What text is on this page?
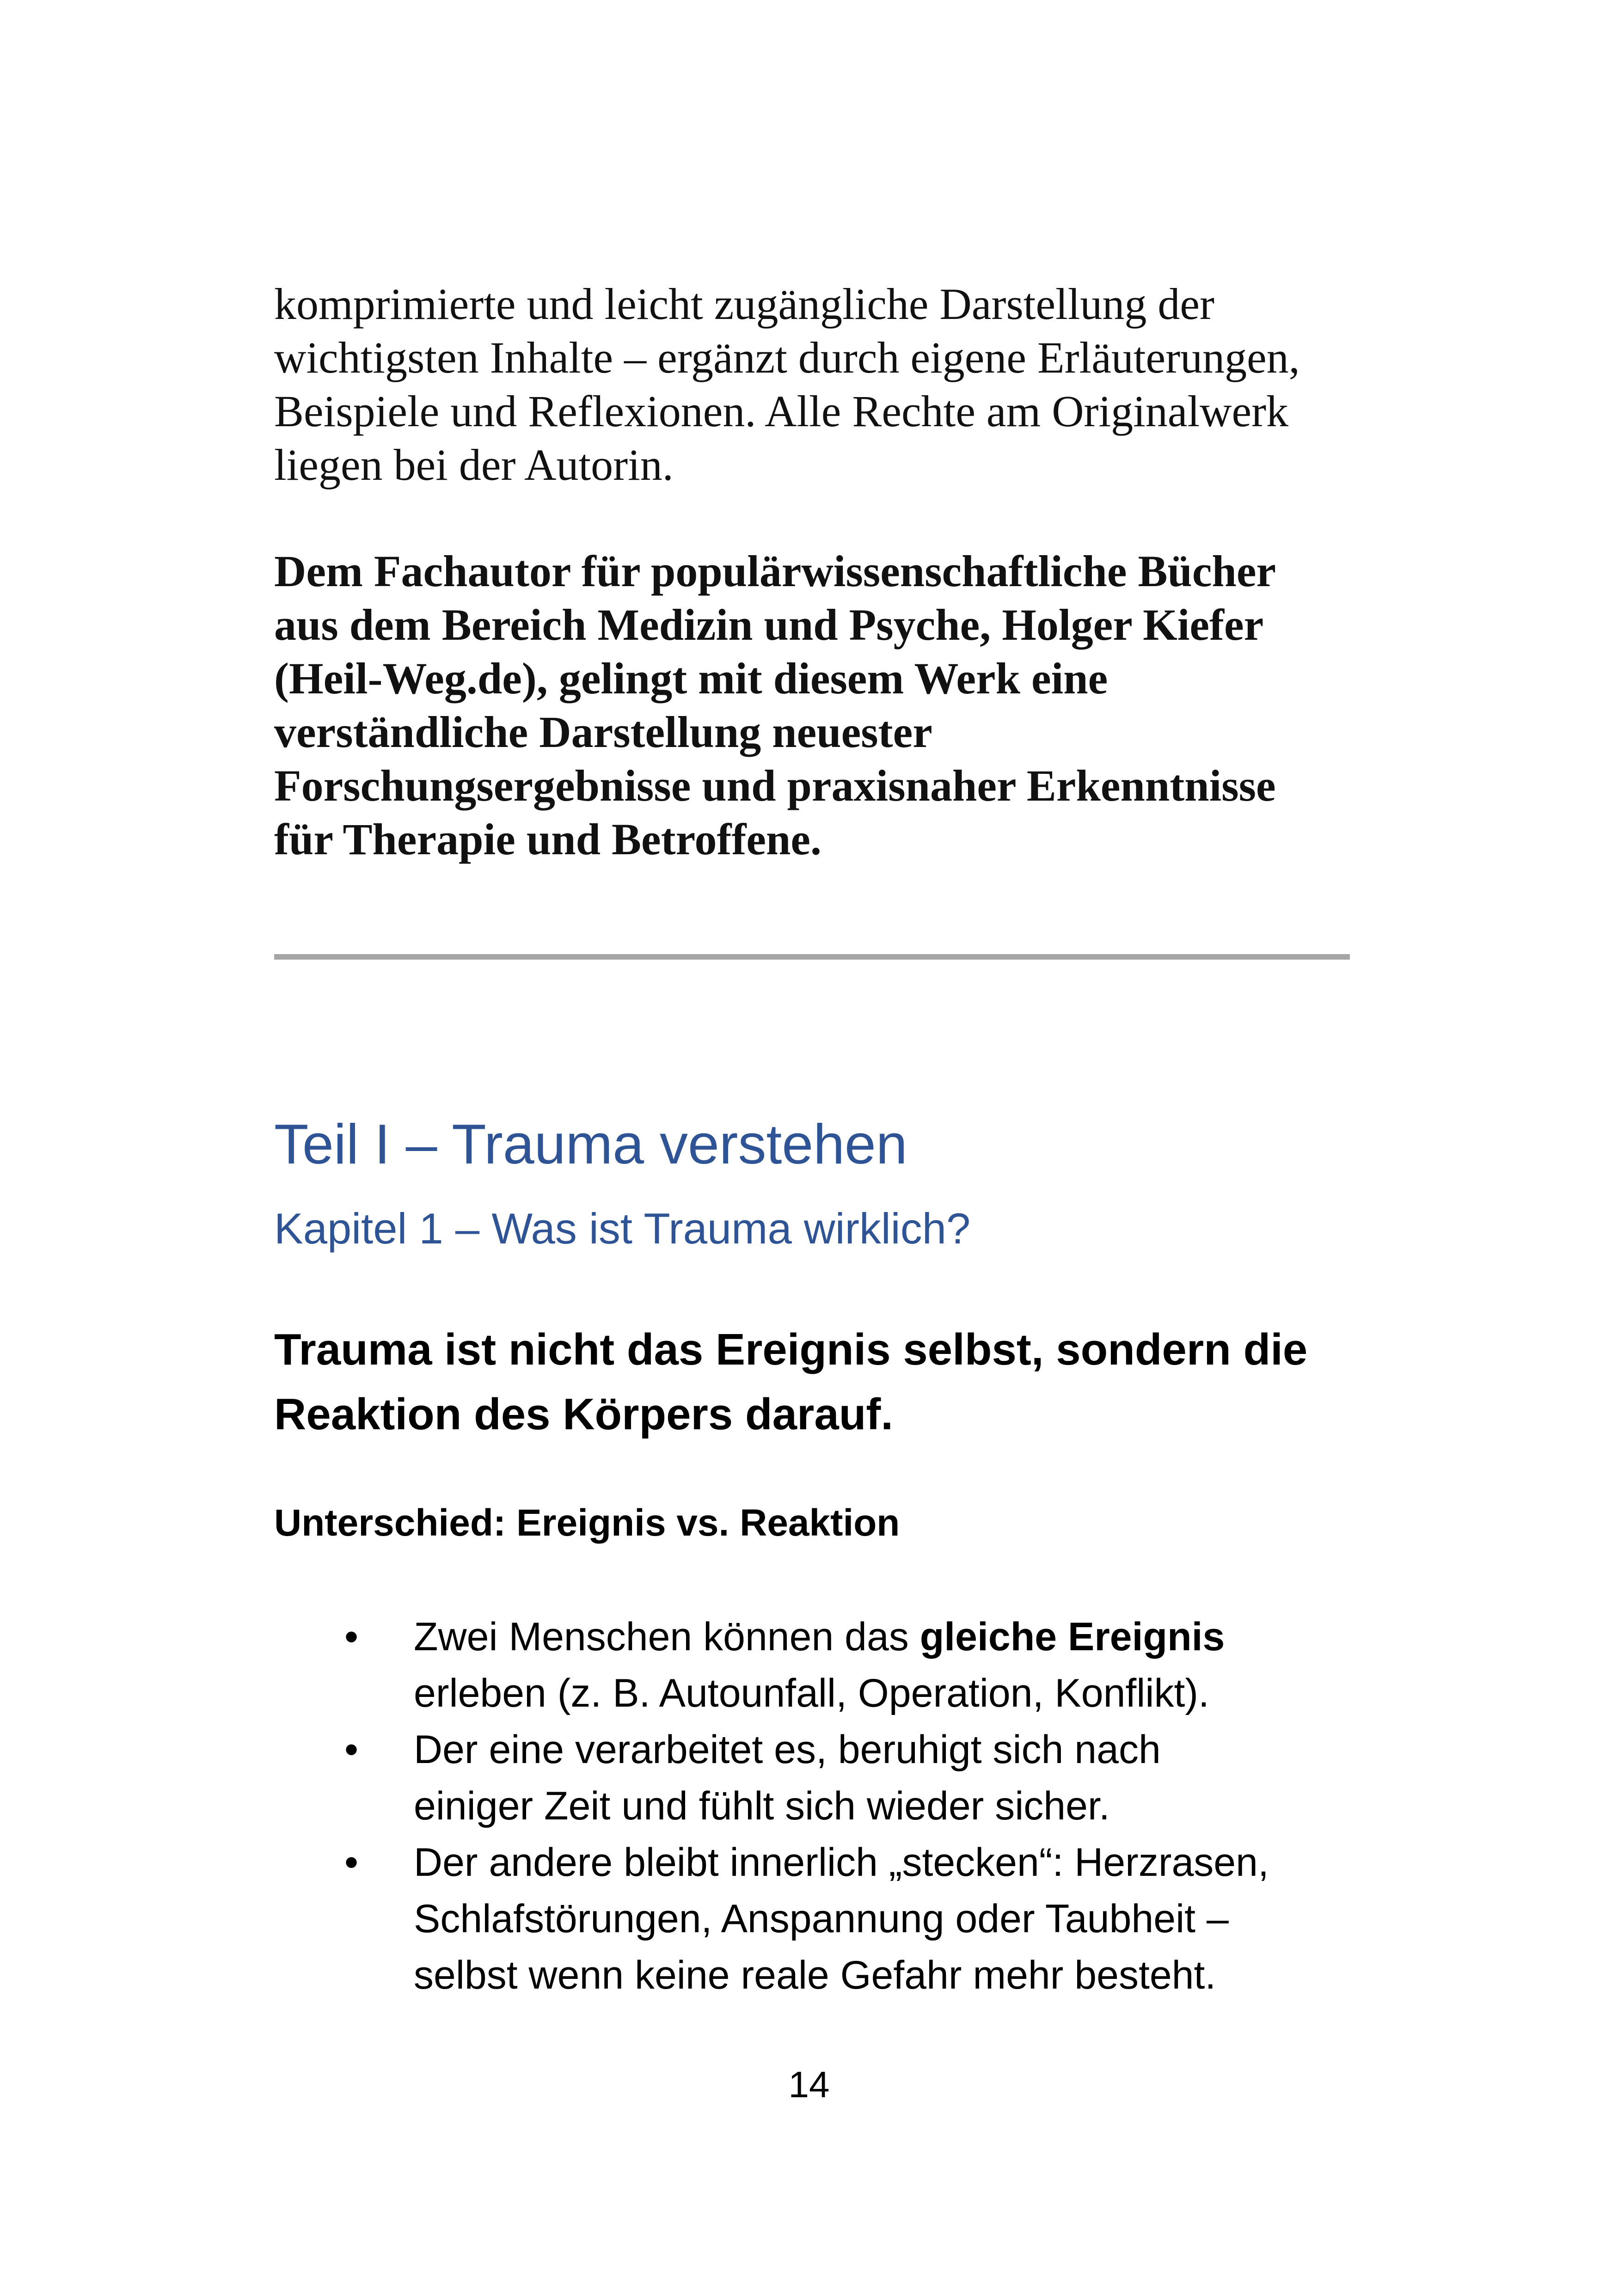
komprimierte und leicht zugängliche Darstellung der
wichtigsten Inhalte – ergänzt durch eigene Erläuterungen,
Beispiele und Reflexionen. Alle Rechte am Originalwerk
liegen bei der Autorin.

Dem Fachautor für populärwissenschaftliche Bücher
aus dem Bereich Medizin und Psyche, Holger Kiefer
(Heil-Weg.de), gelingt mit diesem Werk eine
verständliche Darstellung neuester
Forschungsergebnisse und praxisnaher Erkenntnisse
für Therapie und Betroffene.

Teil I – Trauma verstehen
Kapitel 1 – Was ist Trauma wirklich?

Trauma ist nicht das Ereignis selbst, sondern die
Reaktion des Körpers darauf.

Unterschied: Ereignis vs. Reaktion
• Zwei Menschen können das gleiche Ereignis
erleben (z. B. Autounfall, Operation, Konflikt).
• Der eine verarbeitet es, beruhigt sich nach
einiger Zeit und fühlt sich wieder sicher.
• Der andere bleibt innerlich „stecken“: Herzrasen,
Schlafstörungen, Anspannung oder Taubheit –
selbst wenn keine reale Gefahr mehr besteht.

14
